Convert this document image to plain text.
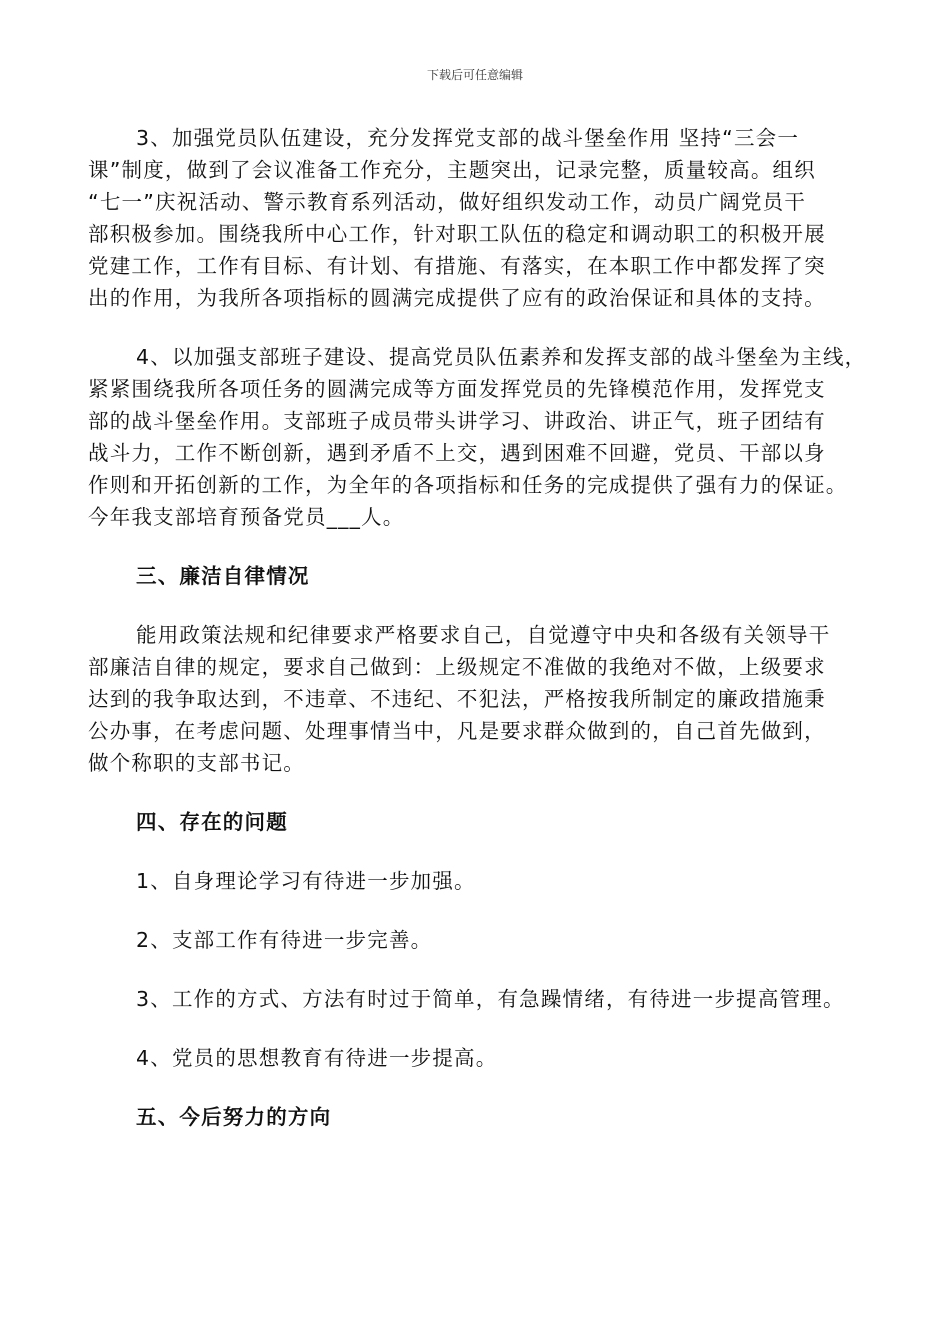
下载后可任意编辑
3、加强党员队伍建设，充分发挥党支部的战斗堡垒作用 坚持“三会一
课”制度，做到了会议准备工作充分，主题突出，记录完整，质量较高。组织
“七一”庆祝活动、警示教育系列活动，做好组织发动工作，动员广阔党员干
部积极参加。围绕我所中心工作，针对职工队伍的稳定和调动职工的积极开展
党建工作，工作有目标、有计划、有措施、有落实，在本职工作中都发挥了突
出的作用，为我所各项指标的圆满完成提供了应有的政治保证和具体的支持。
4、以加强支部班子建设、提高党员队伍素养和发挥支部的战斗堡垒为主线，
紧紧围绕我所各项任务的圆满完成等方面发挥党员的先锋模范作用，发挥党支
部的战斗堡垒作用。支部班子成员带头讲学习、讲政治、讲正气，班子团结有
战斗力，工作不断创新，遇到矛盾不上交，遇到困难不回避，党员、干部以身
作则和开拓创新的工作，为全年的各项指标和任务的完成提供了强有力的保证。
今年我支部培育预备党员___人。
三、廉洁自律情况
能用政策法规和纪律要求严格要求自己，自觉遵守中央和各级有关领导干
部廉洁自律的规定，要求自己做到：上级规定不准做的我绝对不做，上级要求
达到的我争取达到，不违章、不违纪、不犯法，严格按我所制定的廉政措施秉
公办事，在考虑问题、处理事情当中，凡是要求群众做到的，自己首先做到，
做个称职的支部书记。
四、存在的问题
1、自身理论学习有待进一步加强。
2、支部工作有待进一步完善。
3、工作的方式、方法有时过于简单，有急躁情绪，有待进一步提高管理。
4、党员的思想教育有待进一步提高。
五、今后努力的方向
